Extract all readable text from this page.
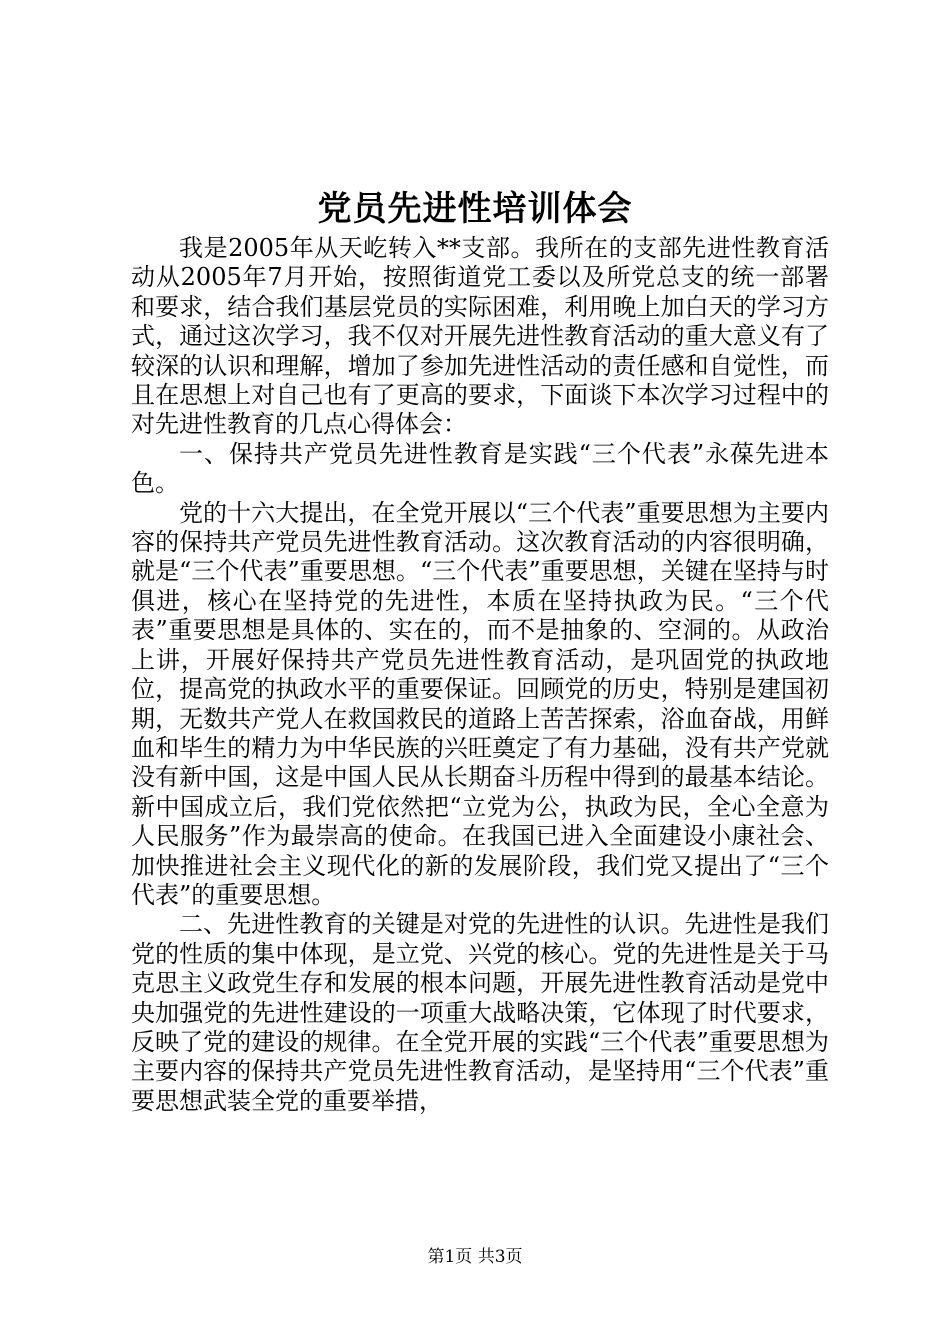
党员先进性培训体会

我是2005年从天屹转入**支部。我所在的支部先进性教育活动从2005年7月开始，按照街道党工委以及所党总支的统一部署和要求，结合我们基层党员的实际困难，利用晚上加白天的学习方式，通过这次学习，我不仅对开展先进性教育活动的重大意义有了较深的认识和理解，增加了参加先进性活动的责任感和自觉性，而且在思想上对自己也有了更高的要求，下面谈下本次学习过程中的对先进性教育的几点心得体会：

一、保持共产党员先进性教育是实践“三个代表”永葆先进本色。

党的十六大提出，在全党开展以“三个代表”重要思想为主要内容的保持共产党员先进性教育活动。这次教育活动的内容很明确，就是“三个代表”重要思想。“三个代表”重要思想，关键在坚持与时俱进，核心在坚持党的先进性，本质在坚持执政为民。“三个代表”重要思想是具体的、实在的，而不是抽象的、空洞的。从政治上讲，开展好保持共产党员先进性教育活动，是巩固党的执政地位，提高党的执政水平的重要保证。回顾党的历史，特别是建国初期，无数共产党人在救国救民的道路上苦苦探索，浴血奋战，用鲜血和毕生的精力为中华民族的兴旺奠定了有力基础，没有共产党就没有新中国，这是中国人民从长期奋斗历程中得到的最基本结论。新中国成立后，我们党依然把“立党为公，执政为民，全心全意为人民服务”作为最崇高的使命。在我国已进入全面建设小康社会、加快推进社会主义现代化的新的发展阶段，我们党又提出了“三个代表”的重要思想。

二、先进性教育的关键是对党的先进性的认识。先进性是我们党的性质的集中体现，是立党、兴党的核心。党的先进性是关于马克思主义政党生存和发展的根本问题，开展先进性教育活动是党中央加强党的先进性建设的一项重大战略决策，它体现了时代要求，反映了党的建设的规律。在全党开展的实践“三个代表”重要思想为主要内容的保持共产党员先进性教育活动，是坚持用“三个代表”重要思想武装全党的重要举措，

第1页 共3页
